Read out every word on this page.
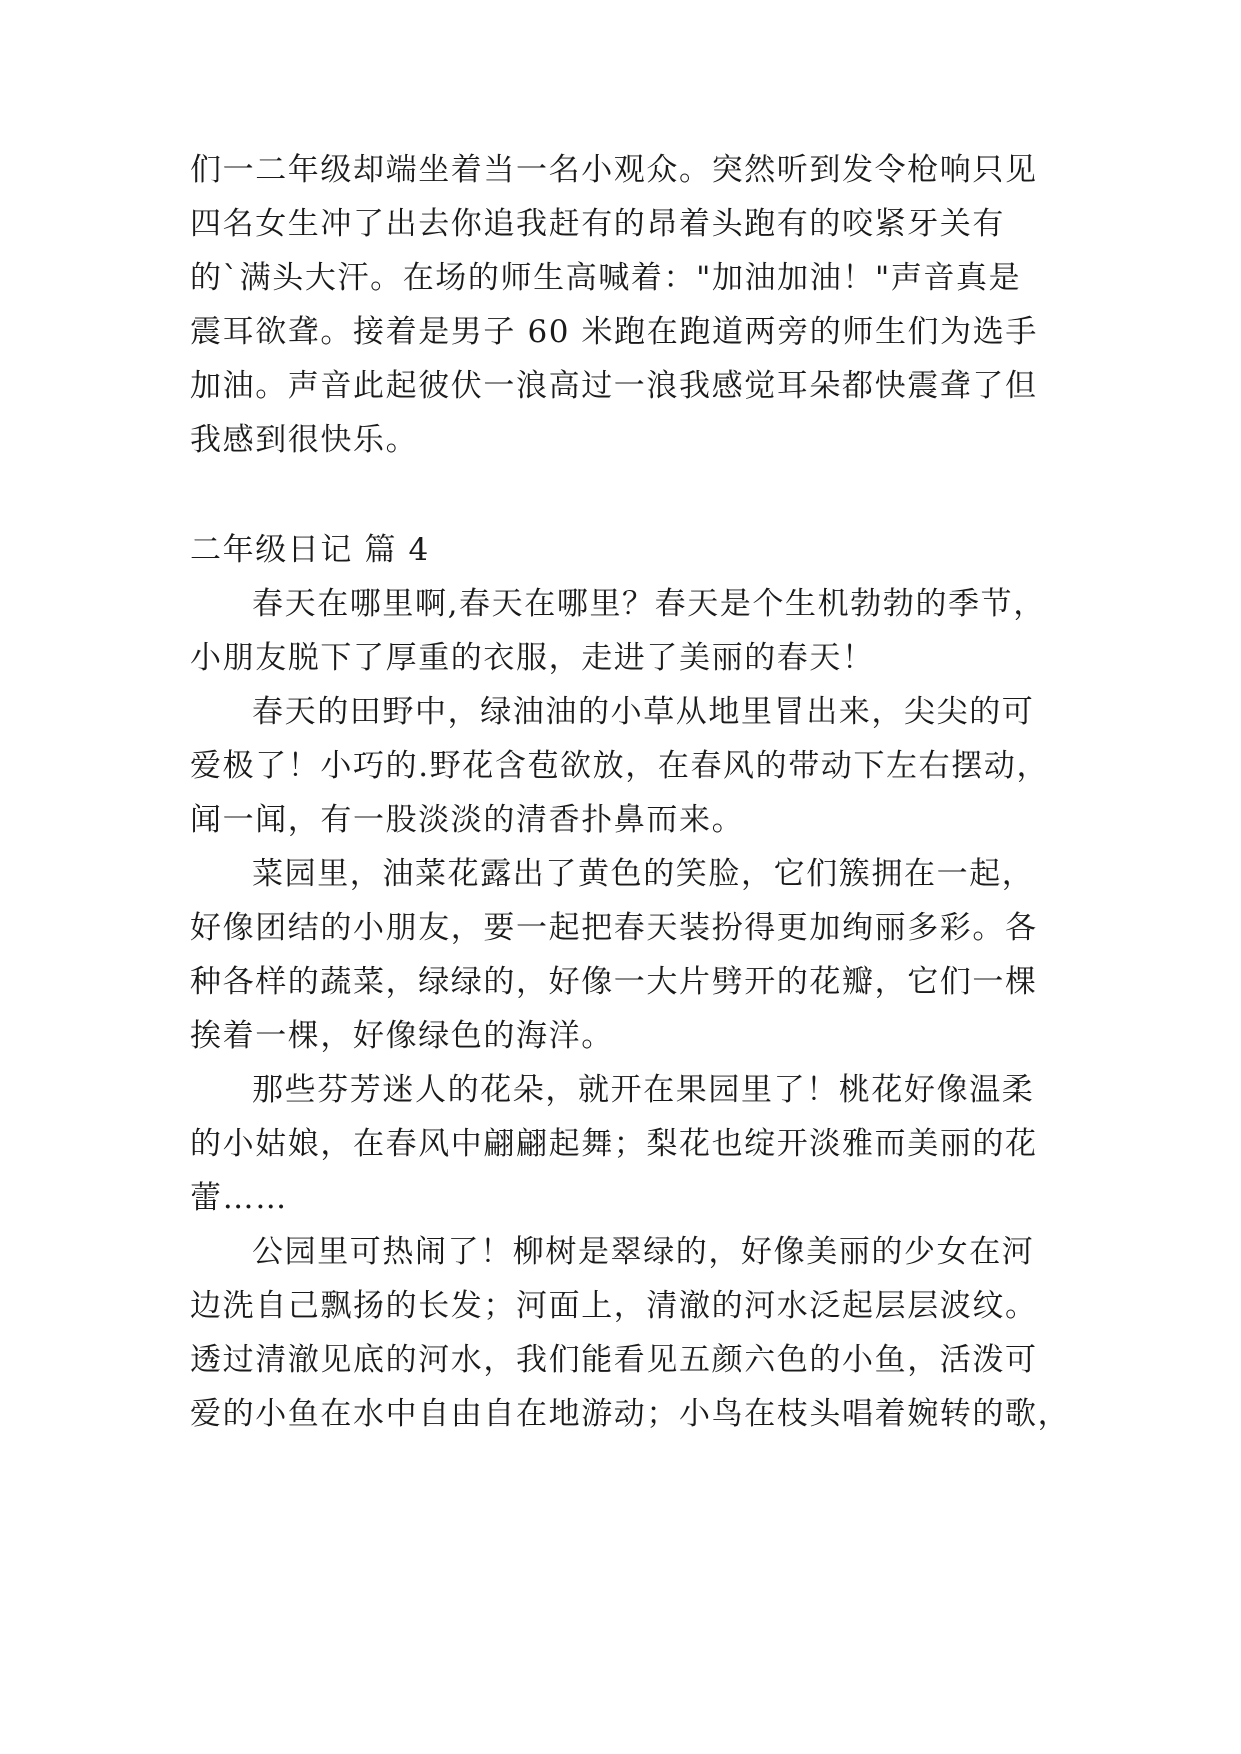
们一二年级却端坐着当一名小观众。突然听到发令枪响只见

四名女生冲了出去你追我赶有的昂着头跑有的咬紧牙关有

的`满头大汗。在场的师生高喊着："加油加油！"声音真是

震耳欲聋。接着是男子 60 米跑在跑道两旁的师生们为选手

加油。声音此起彼伏一浪高过一浪我感觉耳朵都快震聋了但

我感到很快乐。

二年级日记 篇 4

春天在哪里啊,春天在哪里？春天是个生机勃勃的季节，

小朋友脱下了厚重的衣服，走进了美丽的春天！

春天的田野中，绿油油的小草从地里冒出来，尖尖的可

爱极了！小巧的.野花含苞欲放，在春风的带动下左右摆动，

闻一闻，有一股淡淡的清香扑鼻而来。

菜园里，油菜花露出了黄色的笑脸，它们簇拥在一起，

好像团结的小朋友，要一起把春天装扮得更加绚丽多彩。各

种各样的蔬菜，绿绿的，好像一大片劈开的花瓣，它们一棵

挨着一棵，好像绿色的海洋。

那些芬芳迷人的花朵，就开在果园里了！桃花好像温柔

的小姑娘，在春风中翩翩起舞；梨花也绽开淡雅而美丽的花

蕾……

公园里可热闹了！柳树是翠绿的，好像美丽的少女在河

边洗自己飘扬的长发；河面上，清澈的河水泛起层层波纹。

透过清澈见底的河水，我们能看见五颜六色的小鱼，活泼可

爱的小鱼在水中自由自在地游动；小鸟在枝头唱着婉转的歌，
